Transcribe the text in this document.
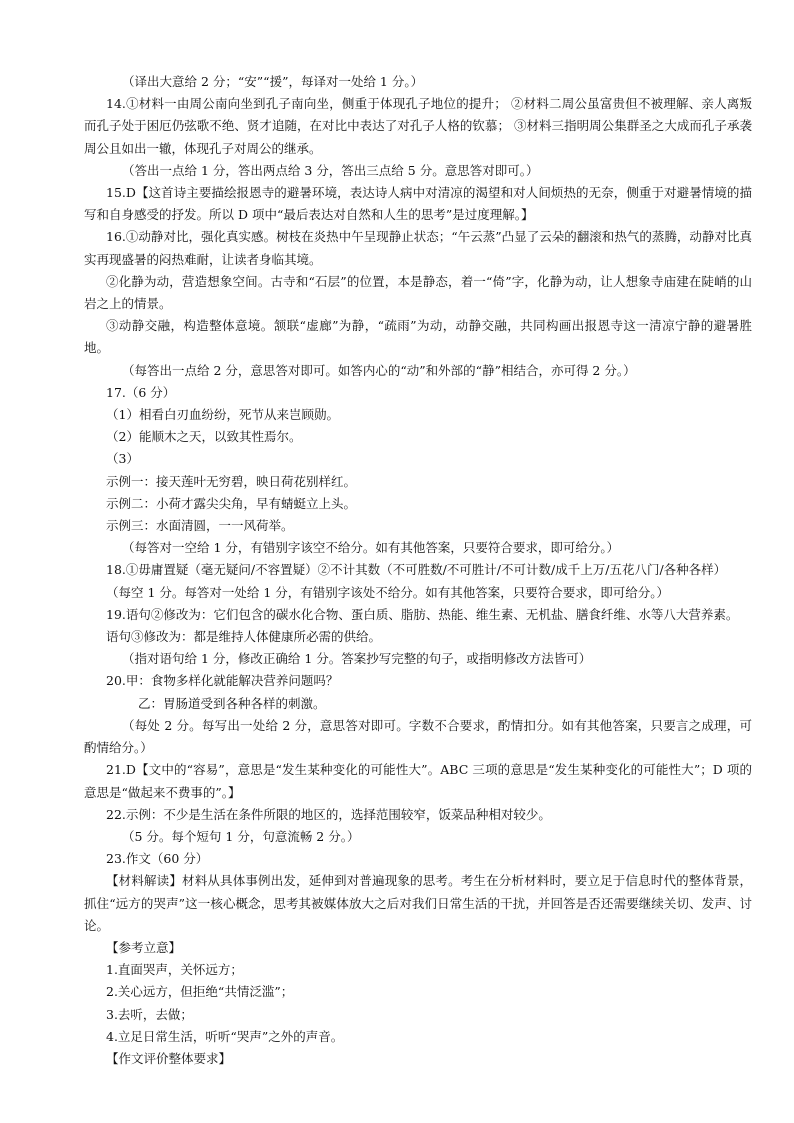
（译出大意给 2 分；“安”“援”，每译对一处给 1 分。）

14.①材料一由周公南向坐到孔子南向坐，侧重于体现孔子地位的提升； ②材料二周公虽富贵但不被理解、亲人离叛而孔子处于困厄仍弦歌不绝、贤才追随，在对比中表达了对孔子人格的钦慕； ③材料三指明周公集群圣之大成而孔子承袭周公且如出一辙，体现孔子对周公的继承。

（答出一点给 1 分，答出两点给 3 分，答出三点给 5 分。意思答对即可。）

15.D【这首诗主要描绘报恩寺的避暑环境，表达诗人病中对清凉的渴望和对人间烦热的无奈，侧重于对避暑情境的描写和自身感受的抒发。所以 D 项中“最后表达对自然和人生的思考”是过度理解。】

16.①动静对比，强化真实感。树枝在炎热中午呈现静止状态；“午云蒸”凸显了云朵的翻滚和热气的蒸腾，动静对比真实再现盛暑的闷热难耐，让读者身临其境。

②化静为动，营造想象空间。古寺和“石层”的位置，本是静态，着一“倚”字，化静为动，让人想象寺庙建在陡峭的山岩之上的情景。

③动静交融，构造整体意境。颔联“虚廊”为静，“疏雨”为动，动静交融，共同构画出报恩寺这一清凉宁静的避暑胜地。

（每答出一点给 2 分，意思答对即可。如答内心的“动”和外部的“静”相结合，亦可得 2 分。）

17.（6 分）

（1）相看白刃血纷纷，死节从来岂顾勋。

（2）能顺木之天，以致其性焉尔。

（3）

示例一：接天莲叶无穷碧，映日荷花别样红。

示例二：小荷才露尖尖角，早有蜻蜓立上头。

示例三：水面清圆，一一风荷举。

（每答对一空给 1 分，有错别字该空不给分。如有其他答案，只要符合要求，即可给分。）

18.①毋庸置疑（毫无疑问/不容置疑）②不计其数（不可胜数/不可胜计/不可计数/成千上万/五花八门/各种各样）

（每空 1 分。每答对一处给 1 分，有错别字该处不给分。如有其他答案，只要符合要求，即可给分。）

19.语句②修改为：它们包含的碳水化合物、蛋白质、脂肪、热能、维生素、无机盐、膳食纤维、水等八大营养素。

语句③修改为：都是维持人体健康所必需的供给。

（指对语句给 1 分，修改正确给 1 分。答案抄写完整的句子，或指明修改方法皆可）

20.甲：食物多样化就能解决营养问题吗？

乙：胃肠道受到各种各样的刺激。

（每处 2 分。每写出一处给 2 分，意思答对即可。字数不合要求，酌情扣分。如有其他答案，只要言之成理，可酌情给分。）

21.D【文中的“容易”，意思是“发生某种变化的可能性大”。ABC 三项的意思是“发生某种变化的可能性大”；D 项的意思是“做起来不费事的”。】

22.示例：不少是生活在条件所限的地区的，选择范围较窄，饭菜品种相对较少。

（5 分。每个短句 1 分，句意流畅 2 分。）

23.作文（60 分）

【材料解读】材料从具体事例出发，延伸到对普遍现象的思考。考生在分析材料时，要立足于信息时代的整体背景，抓住“远方的哭声”这一核心概念，思考其被媒体放大之后对我们日常生活的干扰，并回答是否还需要继续关切、发声、讨论。

【参考立意】

1.直面哭声，关怀远方；

2.关心远方，但拒绝“共情泛滥”；

3.去听，去做；

4.立足日常生活，听听“哭声”之外的声音。

【作文评价整体要求】
